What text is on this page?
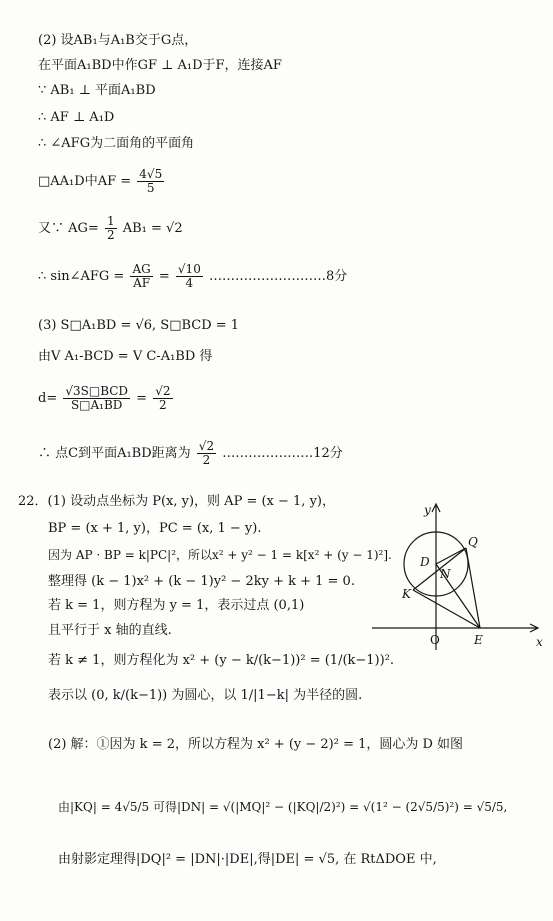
(2) 设AB₁与A₁B交于G点，
在平面A₁BD中作GF ⊥ A₁D于F，连接AF
∵ AB₁ ⊥ 平面A₁BD
∴ AF ⊥ A₁D
∴ ∠AFG为二面角的平面角
□AA₁D中AF = $\frac{4√5}{5}$
又∵ $AG= \frac{1}{2} AB_1 = √2$
∴ sin∠AFG = $\frac{AG}{AF} = \frac{√10}{4}$ ………………………8分
(3) S□A₁BD = √6, S□BCD = 1
由V A₁-BCD = V C-A₁BD 得
$d= \frac{\text{√3S□BCD}}{\text{S□A₁BD}} = \frac{√2}{2}$
∴ 点C到平面A₁BD距离为 $\frac{√2}{2}$ …………………12分
22．(1) 设动点坐标为 P(x, y)，则 AP = (x − 1, y)，
BP = (x + 1, y)，PC = (x, 1 − y).
因为 AP · BP = k|PC|²，所以x² + y² − 1 = k[x² + (y − 1)²].
整理得 (k − 1)x² + (k − 1)y² − 2ky + k + 1 = 0.
若 k = 1，则方程为 y = 1，表示过点 (0,1)
且平行于 x 轴的直线.
若 k ≠ 1，则方程化为 x² + (y − k/(k−1))² = (1/(k−1))².
表示以 (0, k/(k−1)) 为圆心，以 1/|1−k| 为半径的圆.
(2) 解：①因为 k = 2，所以方程为 x² + (y − 2)² = 1，圆心为 D 如图
由|KQ| = 4√5/5 可得|DN| = √(|MQ|² − (|KQ|/2)²) = √(1² − (2√5/5)²) = √5/5,
由射影定理得|DQ|² = |DN|·|DE|,得|DE| = √5, 在 RtΔDOE 中,
y
x
O	E
D
Q
N
K
